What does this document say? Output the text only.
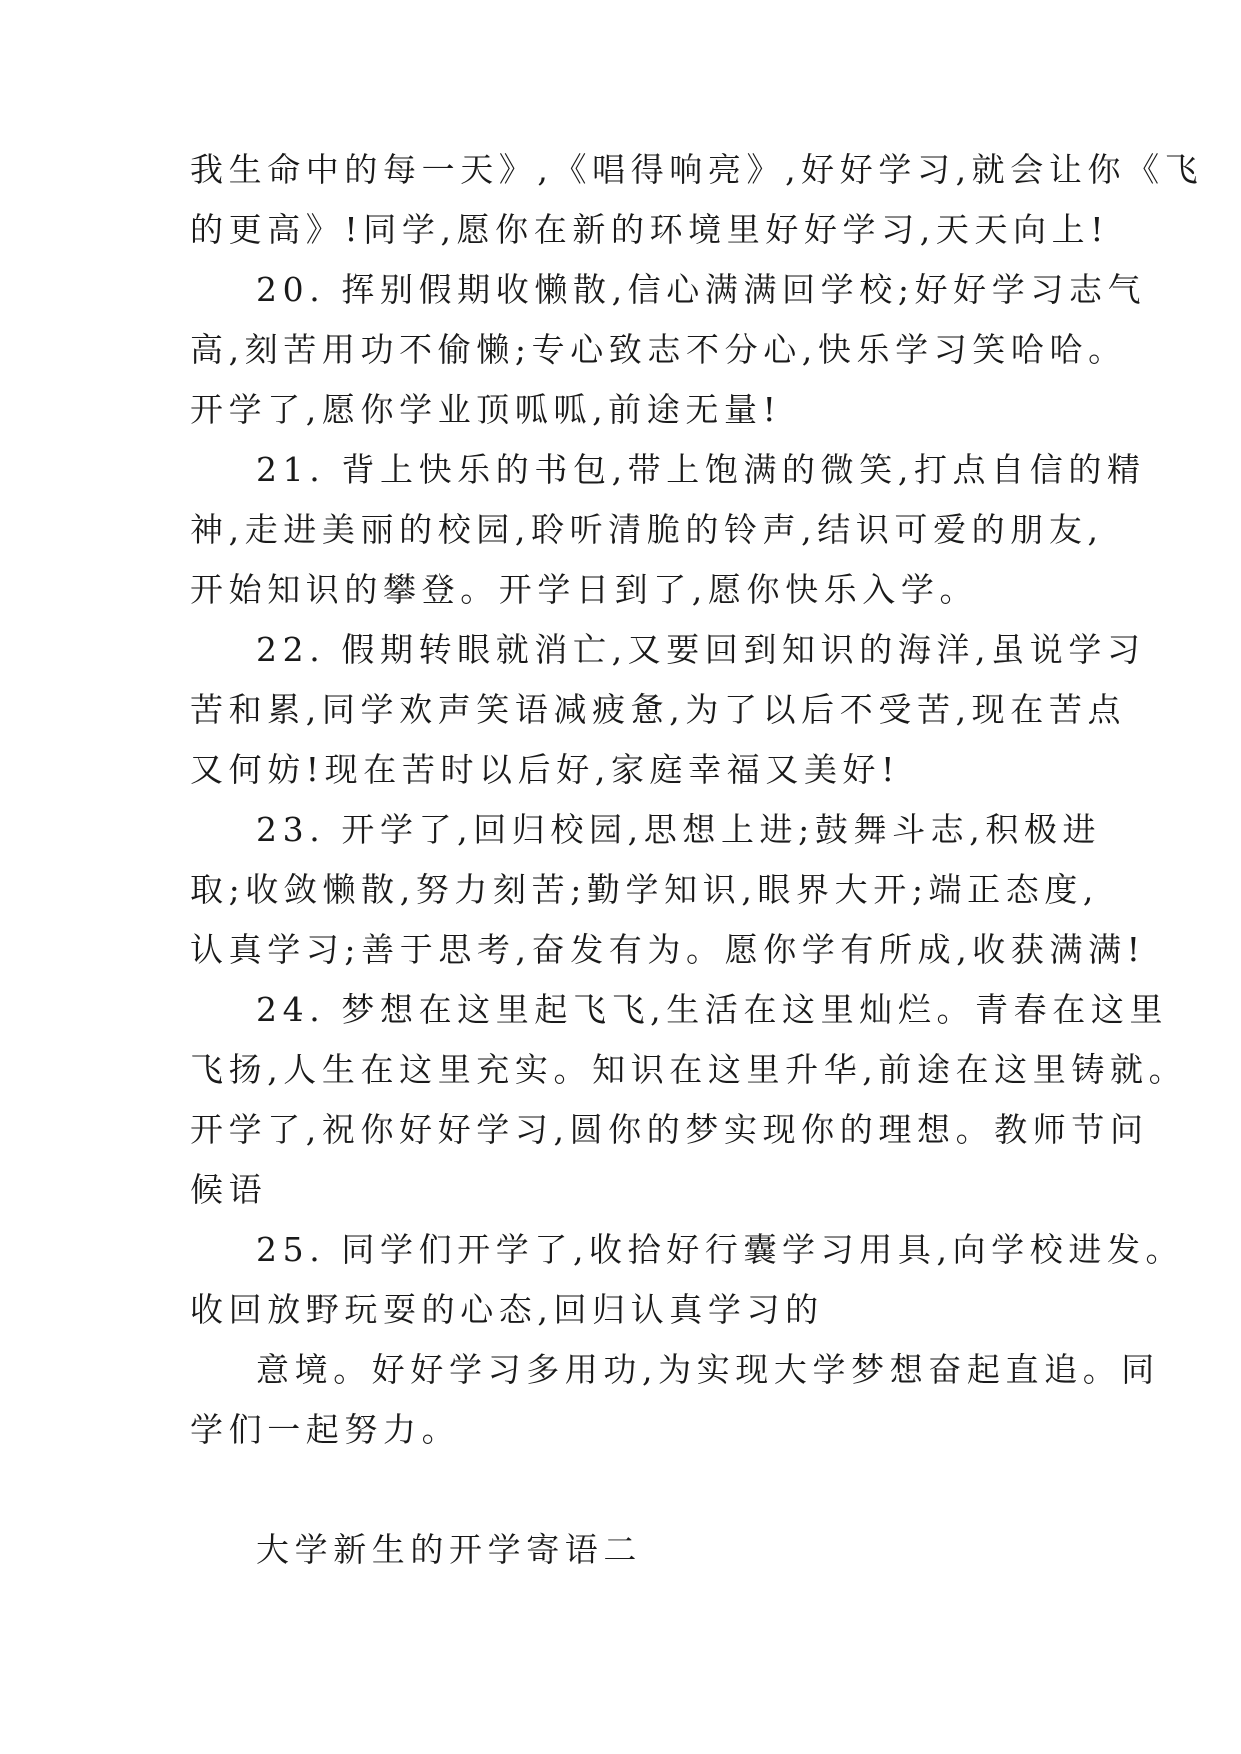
我生命中的每一天》,《唱得响亮》,好好学习,就会让你《飞
的更高》!同学,愿你在新的环境里好好学习,天天向上!
20. 挥别假期收懒散,信心满满回学校;好好学习志气
高,刻苦用功不偷懒;专心致志不分心,快乐学习笑哈哈。
开学了,愿你学业顶呱呱,前途无量!
21. 背上快乐的书包,带上饱满的微笑,打点自信的精
神,走进美丽的校园,聆听清脆的铃声,结识可爱的朋友,
开始知识的攀登。开学日到了,愿你快乐入学。
22. 假期转眼就消亡,又要回到知识的海洋,虽说学习
苦和累,同学欢声笑语减疲惫,为了以后不受苦,现在苦点
又何妨!现在苦时以后好,家庭幸福又美好!
23. 开学了,回归校园,思想上进;鼓舞斗志,积极进
取;收敛懒散,努力刻苦;勤学知识,眼界大开;端正态度,
认真学习;善于思考,奋发有为。愿你学有所成,收获满满!
24. 梦想在这里起飞飞,生活在这里灿烂。青春在这里
飞扬,人生在这里充实。知识在这里升华,前途在这里铸就。
开学了,祝你好好学习,圆你的梦实现你的理想。教师节问
候语
25. 同学们开学了,收拾好行囊学习用具,向学校进发。
收回放野玩耍的心态,回归认真学习的
意境。好好学习多用功,为实现大学梦想奋起直追。同
学们一起努力。
大学新生的开学寄语二
